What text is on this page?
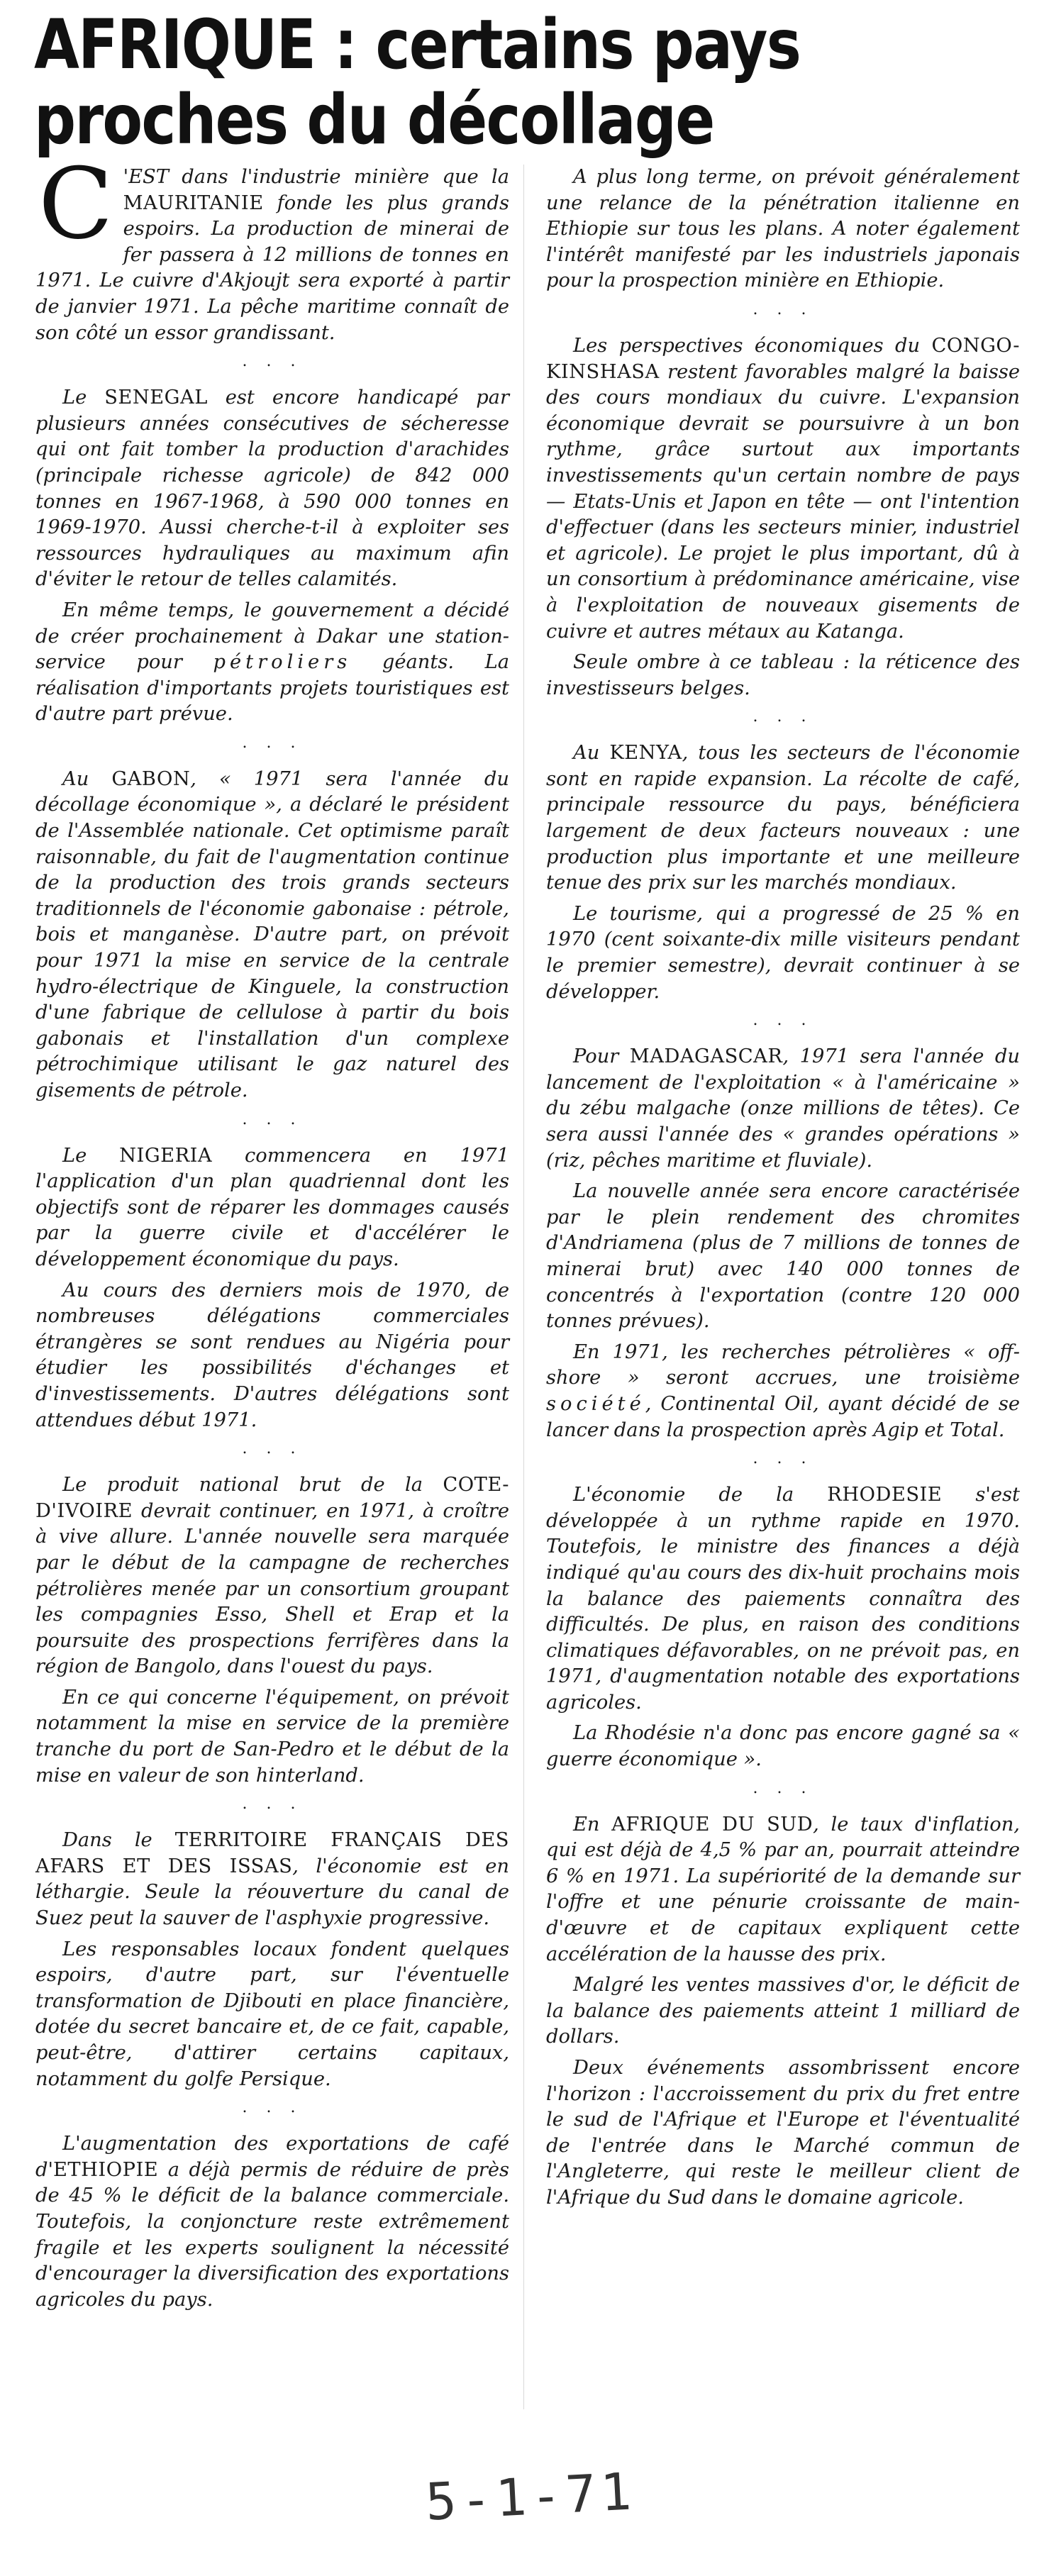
AFRIQUE : certains pays
proches du décollage

C 'EST dans l'industrie minière que la MAURITANIE fonde les plus grands espoirs. La production de minerai de fer passera à 12 millions de tonnes en 1971. Le cuivre d'Akjoujt sera exporté à partir de janvier 1971. La pêche maritime connaît de son côté un essor grandissant.

. . .

Le SENEGAL est encore handicapé par plusieurs années consécutives de sécheresse qui ont fait tomber la production d'arachides (principale richesse agricole) de 842 000 tonnes en 1967-1968, à 590 000 tonnes en 1969-1970. Aussi cherche-t-il à exploiter ses ressources hydrauliques au maximum afin d'éviter le retour de telles calamités.

En même temps, le gouvernement a décidé de créer prochainement à Dakar une station-service pour pétroliers géants. La réalisation d'importants projets touristiques est d'autre part prévue.

. . .

Au GABON, « 1971 sera l'année du décollage économique », a déclaré le président de l'Assemblée nationale. Cet optimisme paraît raisonnable, du fait de l'augmentation continue de la production des trois grands secteurs traditionnels de l'économie gabonaise : pétrole, bois et manganèse. D'autre part, on prévoit pour 1971 la mise en service de la centrale hydro-électrique de Kinguele, la construction d'une fabrique de cellulose à partir du bois gabonais et l'installation d'un complexe pétrochimique utilisant le gaz naturel des gisements de pétrole.

. . .

Le NIGERIA commencera en 1971 l'application d'un plan quadriennal dont les objectifs sont de réparer les dommages causés par la guerre civile et d'accélérer le développement économique du pays.

Au cours des derniers mois de 1970, de nombreuses délégations commerciales étrangères se sont rendues au Nigéria pour étudier les possibilités d'échanges et d'investissements. D'autres délégations sont attendues début 1971.

. . .

Le produit national brut de la COTE-D'IVOIRE devrait continuer, en 1971, à croître à vive allure. L'année nouvelle sera marquée par le début de la campagne de recherches pétrolières menée par un consortium groupant les compagnies Esso, Shell et Erap et la poursuite des prospections ferrifères dans la région de Bangolo, dans l'ouest du pays.

En ce qui concerne l'équipement, on prévoit notamment la mise en service de la première tranche du port de San-Pedro et le début de la mise en valeur de son hinterland.

. . .

Dans le TERRITOIRE FRANÇAIS DES AFARS ET DES ISSAS, l'économie est en léthargie. Seule la réouverture du canal de Suez peut la sauver de l'asphyxie progressive.

Les responsables locaux fondent quelques espoirs, d'autre part, sur l'éventuelle transformation de Djibouti en place financière, dotée du secret bancaire et, de ce fait, capable, peut-être, d'attirer certains capitaux, notamment du golfe Persique.

. . .

L'augmentation des exportations de café d'ETHIOPIE a déjà permis de réduire de près de 45 % le déficit de la balance commerciale. Toutefois, la conjoncture reste extrêmement fragile et les experts soulignent la nécessité d'encourager la diversification des exportations agricoles du pays.

A plus long terme, on prévoit généralement une relance de la pénétration italienne en Ethiopie sur tous les plans. A noter également l'intérêt manifesté par les industriels japonais pour la prospection minière en Ethiopie.

. . .

Les perspectives économiques du CONGO-KINSHASA restent favorables malgré la baisse des cours mondiaux du cuivre. L'expansion économique devrait se poursuivre à un bon rythme, grâce surtout aux importants investissements qu'un certain nombre de pays — Etats-Unis et Japon en tête — ont l'intention d'effectuer (dans les secteurs minier, industriel et agricole). Le projet le plus important, dû à un consortium à prédominance américaine, vise à l'exploitation de nouveaux gisements de cuivre et autres métaux au Katanga.

Seule ombre à ce tableau : la réticence des investisseurs belges.

. . .

Au KENYA, tous les secteurs de l'économie sont en rapide expansion. La récolte de café, principale ressource du pays, bénéficiera largement de deux facteurs nouveaux : une production plus importante et une meilleure tenue des prix sur les marchés mondiaux.

Le tourisme, qui a progressé de 25 % en 1970 (cent soixante-dix mille visiteurs pendant le premier semestre), devrait continuer à se développer.

. . .

Pour MADAGASCAR, 1971 sera l'année du lancement de l'exploitation « à l'américaine » du zébu malgache (onze millions de têtes). Ce sera aussi l'année des « grandes opérations » (riz, pêches maritime et fluviale).

La nouvelle année sera encore caractérisée par le plein rendement des chromites d'Andriamena (plus de 7 millions de tonnes de minerai brut) avec 140 000 tonnes de concentrés à l'exportation (contre 120 000 tonnes prévues).

En 1971, les recherches pétrolières « off-shore » seront accrues, une troisième société, Continental Oil, ayant décidé de se lancer dans la prospection après Agip et Total.

. . .

L'économie de la RHODESIE s'est développée à un rythme rapide en 1970. Toutefois, le ministre des finances a déjà indiqué qu'au cours des dix-huit prochains mois la balance des paiements connaîtra des difficultés. De plus, en raison des conditions climatiques défavorables, on ne prévoit pas, en 1971, d'augmentation notable des exportations agricoles.

La Rhodésie n'a donc pas encore gagné sa « guerre économique ».

. . .

En AFRIQUE DU SUD, le taux d'inflation, qui est déjà de 4,5 % par an, pourrait atteindre 6 % en 1971. La supériorité de la demande sur l'offre et une pénurie croissante de main-d'œuvre et de capitaux expliquent cette accélération de la hausse des prix.

Malgré les ventes massives d'or, le déficit de la balance des paiements atteint 1 milliard de dollars.

Deux événements assombrissent encore l'horizon : l'accroissement du prix du fret entre le sud de l'Afrique et l'Europe et l'éventualité de l'entrée dans le Marché commun de l'Angleterre, qui reste le meilleur client de l'Afrique du Sud dans le domaine agricole.

5-1-71
